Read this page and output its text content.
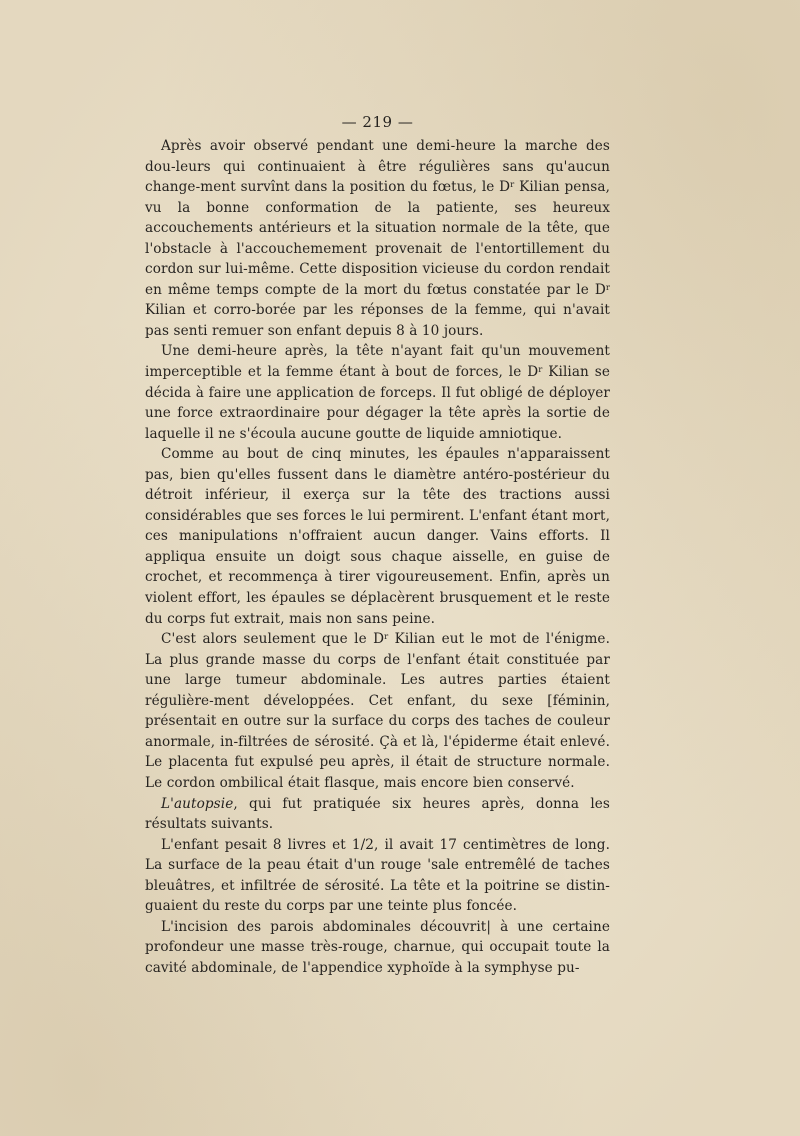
— 219 —

Après avoir observé pendant une demi-heure la marche des dou-leurs qui continuaient à être régulières sans qu'aucun change-ment survînt dans la position du fœtus, le $D^r$ Kilian pensa, vu la bonne conformation de la patiente, ses heureux accouchements antérieurs et la situation normale de la tête, que l'obstacle à l'accouchemement provenait de l'entortillement du cordon sur lui-même. Cette disposition vicieuse du cordon rendait en même temps compte de la mort du fœtus constatée par le $D^r$ Kilian et corro-borée par les réponses de la femme, qui n'avait pas senti remuer son enfant depuis 8 à 10 jours.

Une demi-heure après, la tête n'ayant fait qu'un mouvement imperceptible et la femme étant à bout de forces, le $D^r$ Kilian se décida à faire une application de forceps. Il fut obligé de déployer une force extraordinaire pour dégager la tête après la sortie de laquelle il ne s'écoula aucune goutte de liquide amniotique.

Comme au bout de cinq minutes, les épaules n'apparaissent pas, bien qu'elles fussent dans le diamètre antéro-postérieur du détroit inférieur, il exerça sur la tête des tractions aussi considérables que ses forces le lui permirent. L'enfant étant mort, ces manipulations n'offraient aucun danger. Vains efforts. Il appliqua ensuite un doigt sous chaque aisselle, en guise de crochet, et recommença à tirer vigoureusement. Enfin, après un violent effort, les épaules se déplacèrent brusquement et le reste du corps fut extrait, mais non sans peine.

C'est alors seulement que le $D^r$ Kilian eut le mot de l'énigme. La plus grande masse du corps de l'enfant était constituée par une large tumeur abdominale. Les autres parties étaient régulière-ment développées. Cet enfant, du sexe [féminin, présentait en outre sur la surface du corps des taches de couleur anormale, in-filtrées de sérosité. Çà et là, l'épiderme était enlevé. Le placenta fut expulsé peu après, il était de structure normale. Le cordon ombilical était flasque, mais encore bien conservé.

L'autopsie, qui fut pratiquée six heures après, donna les résultats suivants.

L'enfant pesait 8 livres et 1/2, il avait 17 centimètres de long. La surface de la peau était d'un rouge 'sale entremêlé de taches bleuâtres, et infiltrée de sérosité. La tête et la poitrine se distin-guaient du reste du corps par une teinte plus foncée.

L'incision des parois abdominales découvrit| à une certaine profondeur une masse très-rouge, charnue, qui occupait toute la cavité abdominale, de l'appendice xyphoïde à la symphyse pu-
